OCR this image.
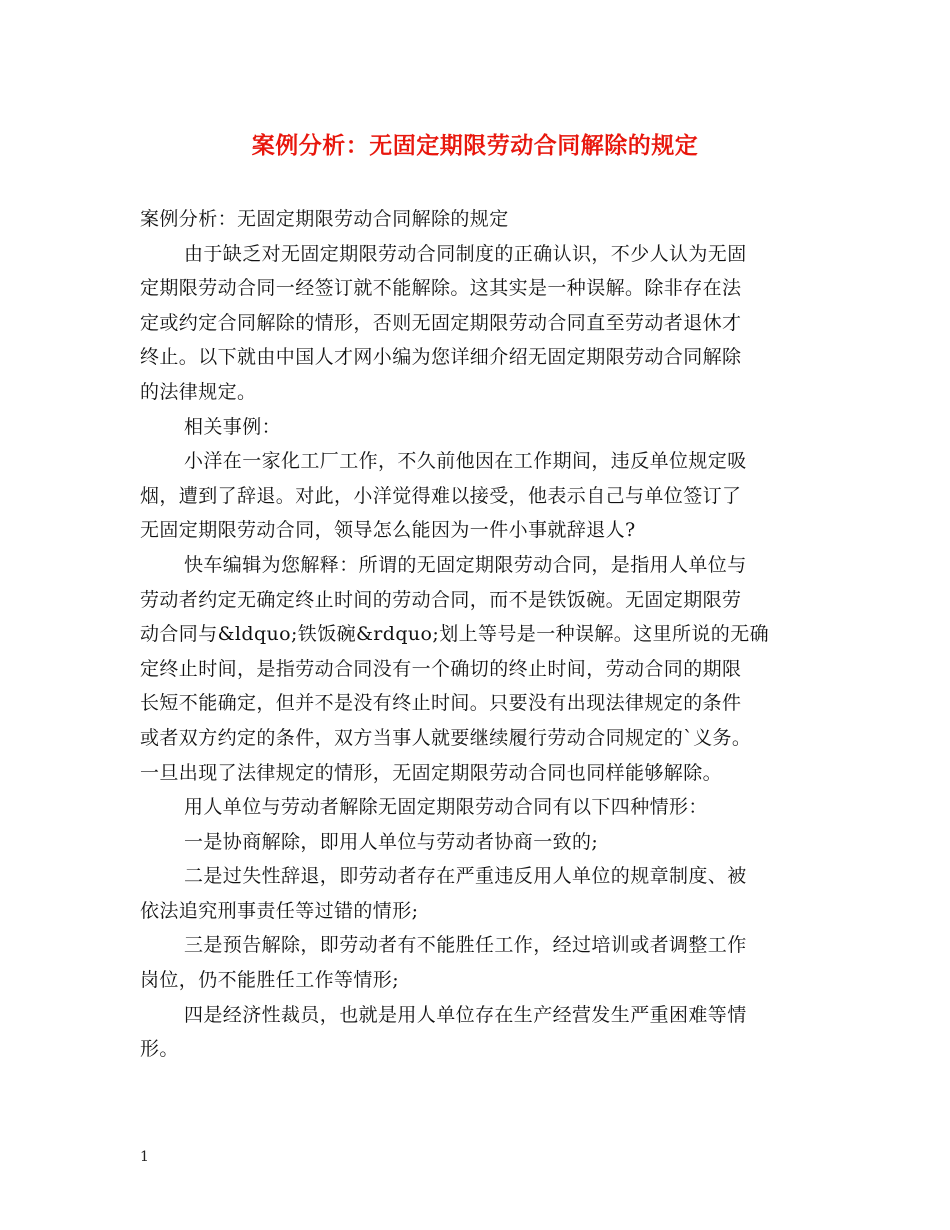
案例分析：无固定期限劳动合同解除的规定
案例分析：无固定期限劳动合同解除的规定
由于缺乏对无固定期限劳动合同制度的正确认识，不少人认为无固
定期限劳动合同一经签订就不能解除。这其实是一种误解。除非存在法
定或约定合同解除的情形，否则无固定期限劳动合同直至劳动者退休才
终止。以下就由中国人才网小编为您详细介绍无固定期限劳动合同解除
的法律规定。
相关事例：
小洋在一家化工厂工作，不久前他因在工作期间，违反单位规定吸
烟，遭到了辞退。对此，小洋觉得难以接受，他表示自己与单位签订了
无固定期限劳动合同，领导怎么能因为一件小事就辞退人?
快车编辑为您解释：所谓的无固定期限劳动合同，是指用人单位与
劳动者约定无确定终止时间的劳动合同，而不是铁饭碗。无固定期限劳
动合同与&ldquo;铁饭碗&rdquo;划上等号是一种误解。这里所说的无确
定终止时间，是指劳动合同没有一个确切的终止时间，劳动合同的期限
长短不能确定，但并不是没有终止时间。只要没有出现法律规定的条件
或者双方约定的条件，双方当事人就要继续履行劳动合同规定的`义务。
一旦出现了法律规定的情形，无固定期限劳动合同也同样能够解除。
用人单位与劳动者解除无固定期限劳动合同有以下四种情形：
一是协商解除，即用人单位与劳动者协商一致的;
二是过失性辞退，即劳动者存在严重违反用人单位的规章制度、被
依法追究刑事责任等过错的情形;
三是预告解除，即劳动者有不能胜任工作，经过培训或者调整工作
岗位，仍不能胜任工作等情形;
四是经济性裁员，也就是用人单位存在生产经营发生严重困难等情
形。
1
